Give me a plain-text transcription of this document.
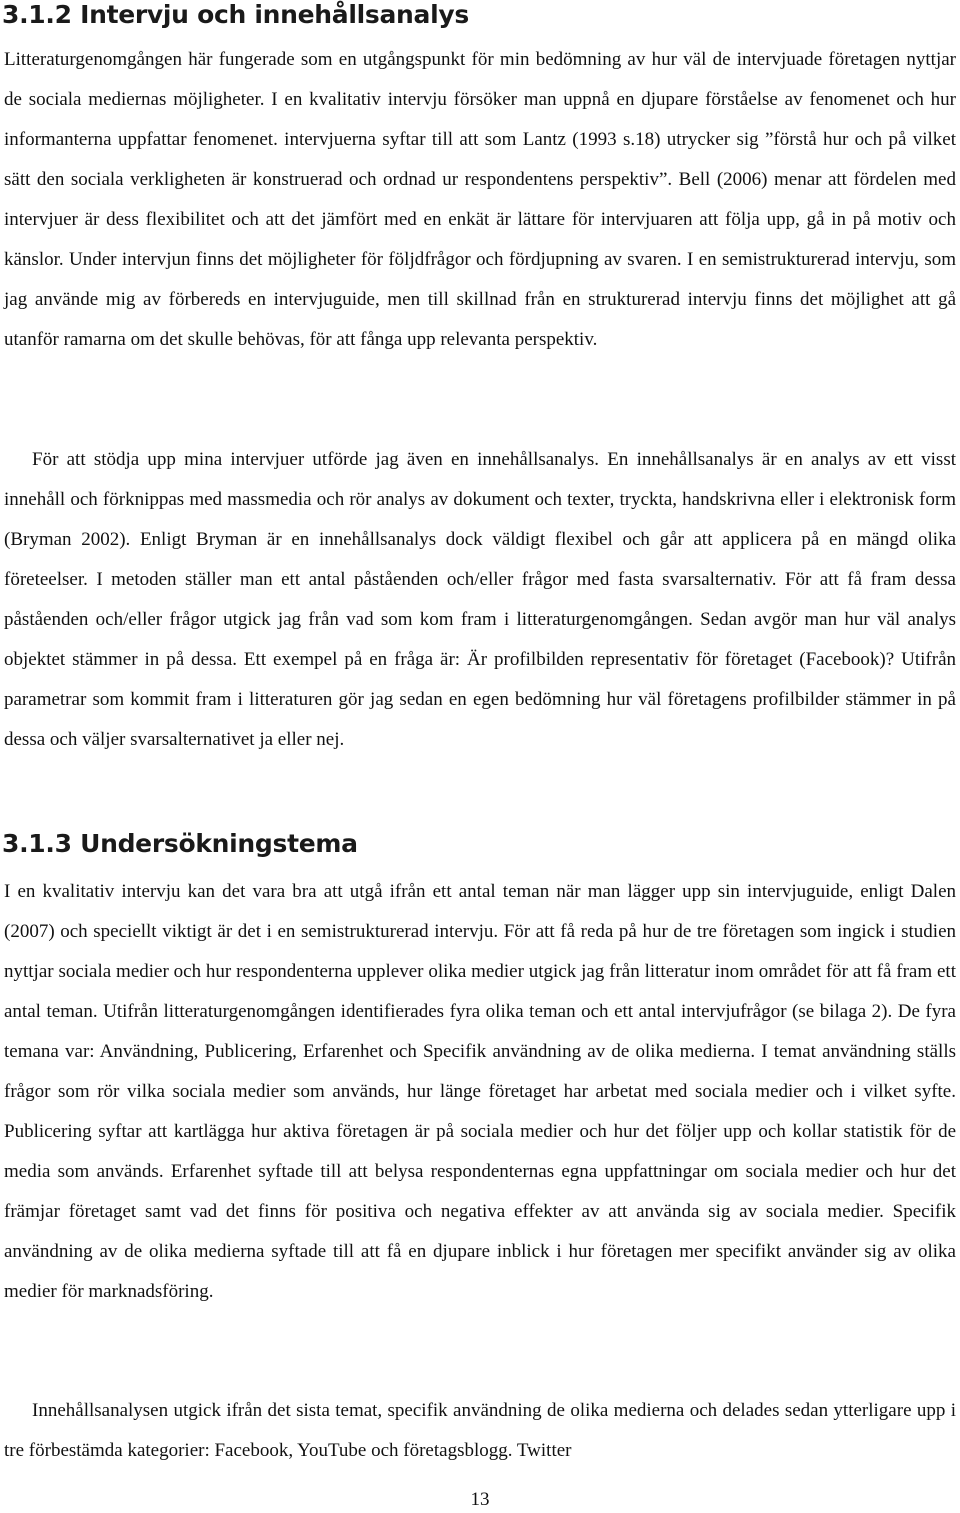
3.1.2 Intervju och innehållsanalys

Litteraturgenomgången här fungerade som en utgångspunkt för min bedömning av hur väl de intervjuade företagen nyttjar de sociala mediernas möjligheter. I en kvalitativ intervju försöker man uppnå en djupare förståelse av fenomenet och hur informanterna uppfattar fenomenet. intervjuerna syftar till att som Lantz (1993 s.18) utrycker sig ”förstå hur och på vilket sätt den sociala verkligheten är konstruerad och ordnad ur respondentens perspektiv”. Bell (2006) menar att fördelen med intervjuer är dess flexibilitet och att det jämfört med en enkät är lättare för intervjuaren att följa upp, gå in på motiv och känslor. Under intervjun finns det möjligheter för följdfrågor och fördjupning av svaren. I en semistrukturerad intervju, som jag använde mig av förbereds en intervjuguide, men till skillnad från en strukturerad intervju finns det möjlighet att gå utanför ramarna om det skulle behövas, för att fånga upp relevanta perspektiv.

För att stödja upp mina intervjuer utförde jag även en innehållsanalys. En innehållsanalys är en analys av ett visst innehåll och förknippas med massmedia och rör analys av dokument och texter, tryckta, handskrivna eller i elektronisk form (Bryman 2002). Enligt Bryman är en innehållsanalys dock väldigt flexibel och går att applicera på en mängd olika företeelser. I metoden ställer man ett antal påståenden och/eller frågor med fasta svarsalternativ. För att få fram dessa påståenden och/eller frågor utgick jag från vad som kom fram i litteraturgenomgången. Sedan avgör man hur väl analys objektet stämmer in på dessa. Ett exempel på en fråga är: Är profilbilden representativ för företaget (Facebook)? Utifrån parametrar som kommit fram i litteraturen gör jag sedan en egen bedömning hur väl företagens profilbilder stämmer in på dessa och väljer svarsalternativet ja eller nej.

3.1.3 Undersökningstema

I en kvalitativ intervju kan det vara bra att utgå ifrån ett antal teman när man lägger upp sin intervjuguide, enligt Dalen (2007) och speciellt viktigt är det i en semistrukturerad intervju. För att få reda på hur de tre företagen som ingick i studien nyttjar sociala medier och hur respondenterna upplever olika medier utgick jag från litteratur inom området för att få fram ett antal teman. Utifrån litteraturgenomgången identifierades fyra olika teman och ett antal intervjufrågor (se bilaga 2). De fyra temana var: Användning, Publicering, Erfarenhet och Specifik användning av de olika medierna. I temat användning ställs frågor som rör vilka sociala medier som används, hur länge företaget har arbetat med sociala medier och i vilket syfte. Publicering syftar att kartlägga hur aktiva företagen är på sociala medier och hur det följer upp och kollar statistik för de media som används. Erfarenhet syftade till att belysa respondenternas egna uppfattningar om sociala medier och hur det främjar företaget samt vad det finns för positiva och negativa effekter av att använda sig av sociala medier. Specifik användning av de olika medierna syftade till att få en djupare inblick i hur företagen mer specifikt använder sig av olika medier för marknadsföring.

Innehållsanalysen utgick ifrån det sista temat, specifik användning de olika medierna och delades sedan ytterligare upp i tre förbestämda kategorier: Facebook, YouTube och företagsblogg. Twitter

13
